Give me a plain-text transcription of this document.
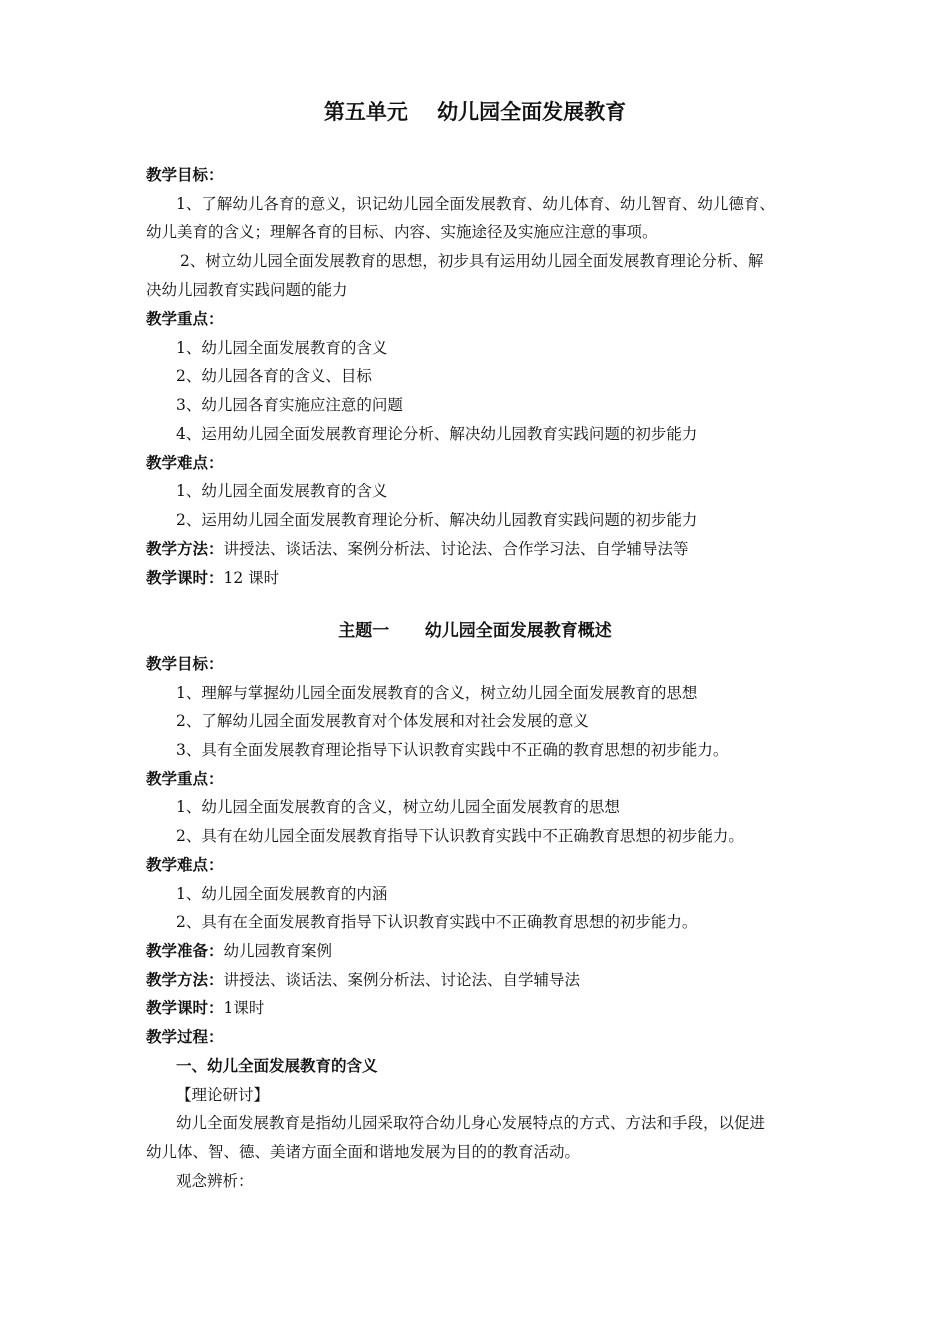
第五单元    幼儿园全面发展教育
教学目标：
1、了解幼儿各育的意义，识记幼儿园全面发展教育、幼儿体育、幼儿智育、幼儿德育、
幼儿美育的含义；理解各育的目标、内容、实施途径及实施应注意的事项。
2、树立幼儿园全面发展教育的思想，初步具有运用幼儿园全面发展教育理论分析、解
决幼儿园教育实践问题的能力
教学重点：
1、幼儿园全面发展教育的含义
2、幼儿园各育的含义、目标
3、幼儿园各育实施应注意的问题
4、运用幼儿园全面发展教育理论分析、解决幼儿园教育实践问题的初步能力
教学难点：
1、幼儿园全面发展教育的含义
2、运用幼儿园全面发展教育理论分析、解决幼儿园教育实践问题的初步能力
教学方法：讲授法、谈话法、案例分析法、讨论法、合作学习法、自学辅导法等
教学课时：12 课时
主题一      幼儿园全面发展教育概述
教学目标：
1、理解与掌握幼儿园全面发展教育的含义，树立幼儿园全面发展教育的思想
2、了解幼儿园全面发展教育对个体发展和对社会发展的意义
3、具有全面发展教育理论指导下认识教育实践中不正确的教育思想的初步能力。
教学重点：
1、幼儿园全面发展教育的含义，树立幼儿园全面发展教育的思想
2、具有在幼儿园全面发展教育指导下认识教育实践中不正确教育思想的初步能力。
教学难点：
1、幼儿园全面发展教育的内涵
2、具有在全面发展教育指导下认识教育实践中不正确教育思想的初步能力。
教学准备：幼儿园教育案例
教学方法：讲授法、谈话法、案例分析法、讨论法、自学辅导法
教学课时：1课时
教学过程：
一、幼儿全面发展教育的含义
【理论研讨】
幼儿全面发展教育是指幼儿园采取符合幼儿身心发展特点的方式、方法和手段，以促进
幼儿体、智、德、美诸方面全面和谐地发展为目的的教育活动。
观念辨析：
